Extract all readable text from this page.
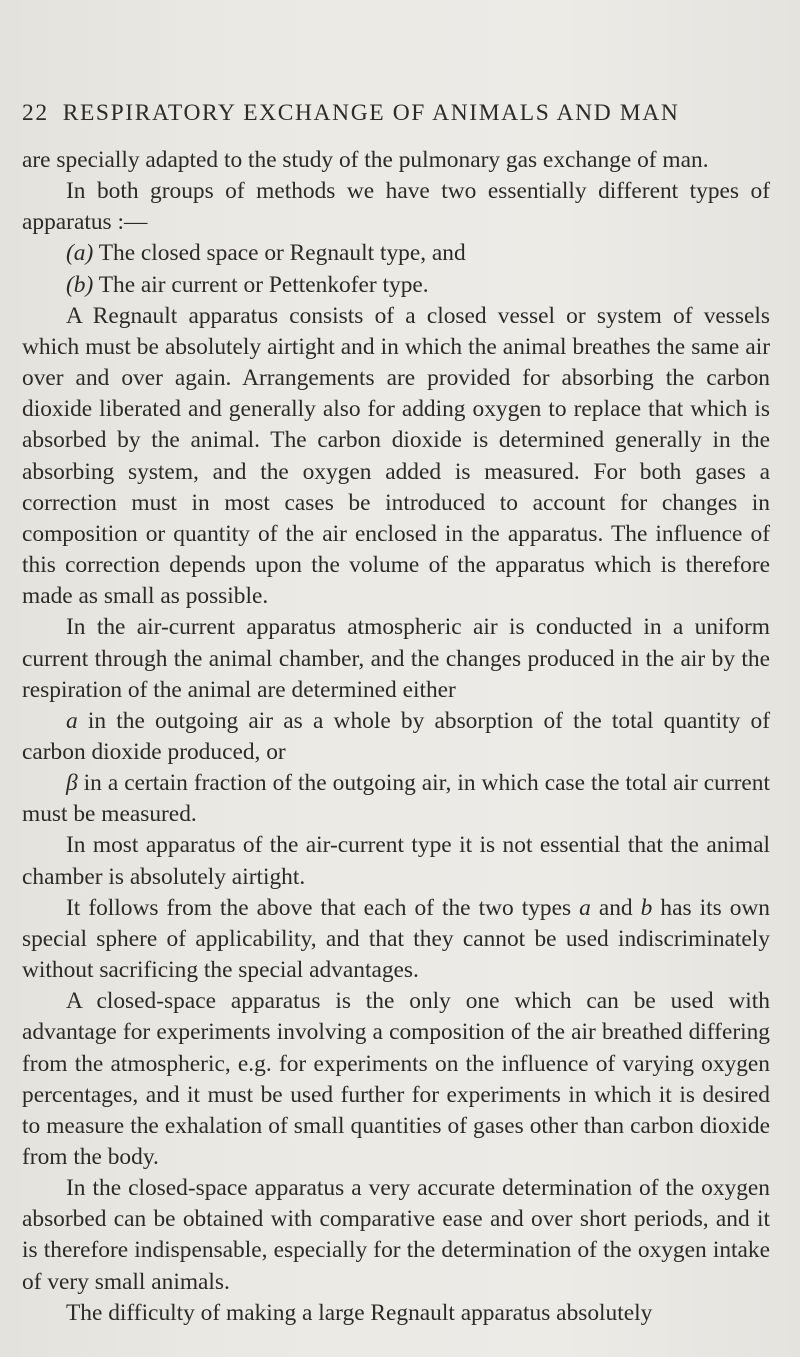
22 RESPIRATORY EXCHANGE OF ANIMALS AND MAN

are specially adapted to the study of the pulmonary gas exchange of man.

In both groups of methods we have two essentially different types of apparatus :—

(a) The closed space or Regnault type, and

(b) The air current or Pettenkofer type.

A Regnault apparatus consists of a closed vessel or system of vessels which must be absolutely airtight and in which the animal breathes the same air over and over again. Arrangements are provided for absorbing the carbon dioxide liberated and generally also for adding oxygen to replace that which is absorbed by the animal. The carbon dioxide is determined generally in the absorbing system, and the oxygen added is measured. For both gases a correction must in most cases be introduced to account for changes in composition or quantity of the air enclosed in the apparatus. The influence of this correction depends upon the volume of the apparatus which is therefore made as small as possible.

In the air-current apparatus atmospheric air is conducted in a uniform current through the animal chamber, and the changes produced in the air by the respiration of the animal are determined either

a in the outgoing air as a whole by absorption of the total quantity of carbon dioxide produced, or

β in a certain fraction of the outgoing air, in which case the total air current must be measured.

In most apparatus of the air-current type it is not essential that the animal chamber is absolutely airtight.

It follows from the above that each of the two types a and b has its own special sphere of applicability, and that they cannot be used indiscriminately without sacrificing the special advantages.

A closed-space apparatus is the only one which can be used with advantage for experiments involving a composition of the air breathed differing from the atmospheric, e.g. for experiments on the influence of varying oxygen percentages, and it must be used further for experiments in which it is desired to measure the exhalation of small quantities of gases other than carbon dioxide from the body.

In the closed-space apparatus a very accurate determination of the oxygen absorbed can be obtained with comparative ease and over short periods, and it is therefore indispensable, especially for the determination of the oxygen intake of very small animals.

The difficulty of making a large Regnault apparatus absolutely
